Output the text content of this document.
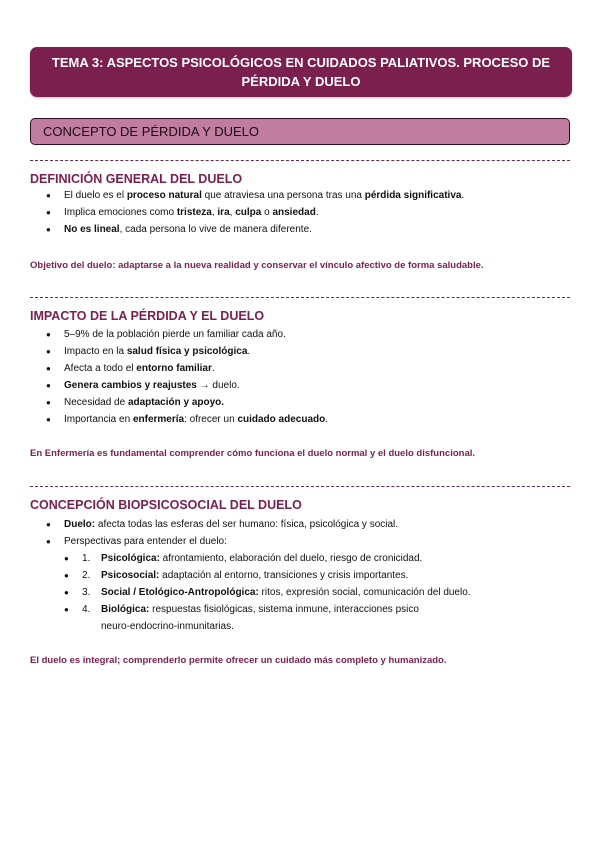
TEMA 3: ASPECTOS PSICOLÓGICOS EN CUIDADOS PALIATIVOS. PROCESO DE
PÉRDIDA Y DUELO
CONCEPTO DE PÉRDIDA Y DUELO
DEFINICIÓN GENERAL DEL DUELO
● El duelo es el proceso natural que atraviesa una persona tras una pérdida significativa.
● Implica emociones como tristeza, ira, culpa o ansiedad.
● No es lineal, cada persona lo vive de manera diferente.
Objetivo del duelo: adaptarse a la nueva realidad y conservar el vínculo afectivo de forma saludable.
IMPACTO DE LA PÉRDIDA Y EL DUELO
● 5–9% de la población pierde un familiar cada año.
● Impacto en la salud física y psicológica.
● Afecta a todo el entorno familiar.
● Genera cambios y reajustes → duelo.
● Necesidad de adaptación y apoyo.
● Importancia en enfermería: ofrecer un cuidado adecuado.
En Enfermería es fundamental comprender cómo funciona el duelo normal y el duelo disfuncional.
CONCEPCIÓN BIOPSICOSOCIAL DEL DUELO
● Duelo: afecta todas las esferas del ser humano: física, psicológica y social.
● Perspectivas para entender el duelo:
● 1. Psicológica: afrontamiento, elaboración del duelo, riesgo de cronicidad.
● 2. Psicosocial: adaptación al entorno, transiciones y crisis importantes.
● 3. Social / Etológico-Antropológica: ritos, expresión social, comunicación del duelo.
● 4. Biológica: respuestas fisiológicas, sistema inmune, interacciones psico
neuro-endocrino-inmunitarias.
El duelo es integral; comprenderlo permite ofrecer un cuidado más completo y humanizado.
